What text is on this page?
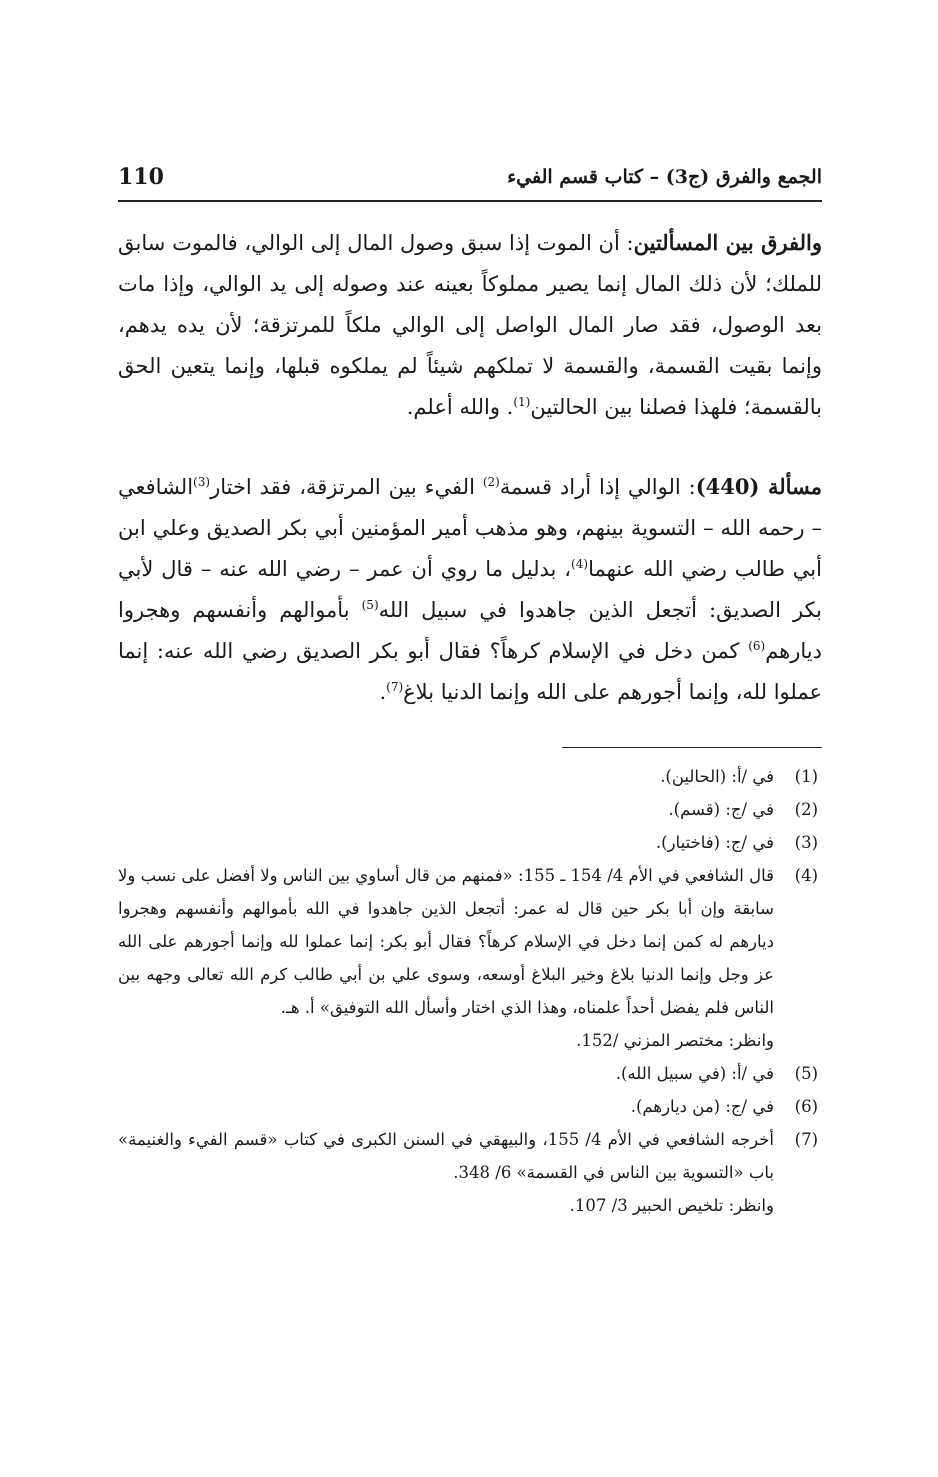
الجمع والفرق (ج3) – كتاب قسم الفيء
110

والفرق بين المسألتين: أن الموت إذا سبق وصول المال إلى الوالي، فالموت سابق للملك؛ لأن ذلك المال إنما يصير مملوكاً بعينه عند وصوله إلى يد الوالي، وإذا مات بعد الوصول، فقد صار المال الواصل إلى الوالي ملكاً للمرتزقة؛ لأن يده يدهم، وإنما بقيت القسمة، والقسمة لا تملكهم شيئاً لم يملكوه قبلها، وإنما يتعين الحق بالقسمة؛ فلهذا فصلنا بين الحالتين$^{(1)}$. والله أعلم.

مسألة (440): الوالي إذا أراد قسمة$^{(2)}$ الفيء بين المرتزقة، فقد اختار$^{(3)}$الشافعي – رحمه الله – التسوية بينهم، وهو مذهب أمير المؤمنين أبي بكر الصديق وعلي ابن أبي طالب رضي الله عنهما$^{(4)}$، بدليل ما روي أن عمر – رضي الله عنه – قال لأبي بكر الصديق: أتجعل الذين جاهدوا في سبيل الله$^{(5)}$ بأموالهم وأنفسهم وهجروا ديارهم$^{(6)}$ كمن دخل في الإسلام كرهاً؟ فقال أبو بكر الصديق رضي الله عنه: إنما عملوا لله، وإنما أجورهم على الله وإنما الدنيا بلاغ$^{(7)}$.

(1)
في /أ: (الحالين).
(2)
في /ج: (قسم).
(3)
في /ج: (فاختيار).
(4)
قال الشافعي في الأم 4/ 154 ـ 155: «فمنهم من قال أساوي بين الناس ولا أفضل على نسب ولا سابقة وإن أبا بكر حين قال له عمر: أتجعل الذين جاهدوا في الله بأموالهم وأنفسهم وهجروا ديارهم له كمن إنما دخل في الإسلام كرهاً؟ فقال أبو بكر: إنما عملوا لله وإنما أجورهم على الله عز وجل وإنما الدنيا بلاغ وخير البلاغ أوسعه، وسوى علي بن أبي طالب كرم الله تعالى وجهه بين الناس فلم يفضل أحداً علمناه، وهذا الذي اختار وأسأل الله التوفيق» أ. هـ.
وانظر: مختصر المزني /152.
(5)
في /أ: (في سبيل الله).
(6)
في /ج: (من ديارهم).
(7)
أخرجه الشافعي في الأم 4/ 155، والبيهقي في السنن الكبرى في كتاب «قسم الفيء والغنيمة» باب «التسوية بين الناس في القسمة» 6/ 348.
وانظر: تلخيص الحبير 3/ 107.
